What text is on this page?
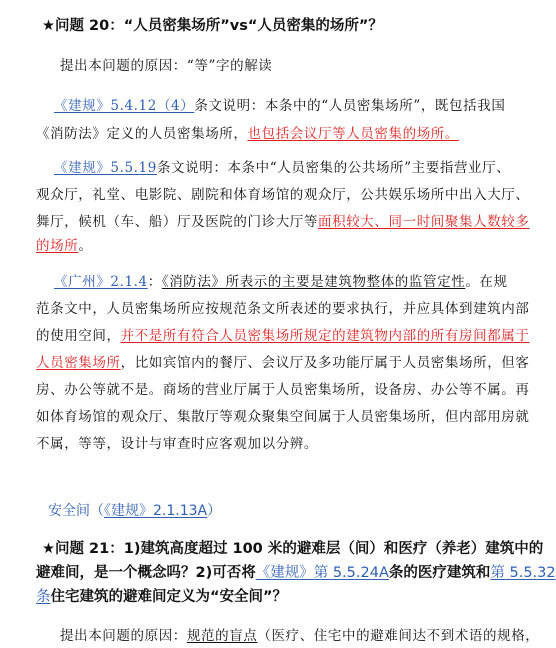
★问题 20：“人员密集场所”vs“人员密集的场所”？
提出本问题的原因：“等”字的解读
《建规》5.4.12（4）条文说明：本条中的“人员密集场所”，既包括我国
《消防法》定义的人员密集场所，也包括会议厅等人员密集的场所。
《建规》5.5.19条文说明：本条中“人员密集的公共场所”主要指营业厅、
观众厅，礼堂、电影院、剧院和体育场馆的观众厅，公共娱乐场所中出入大厅、
舞厅，候机（车、船）厅及医院的门诊大厅等面积较大、同一时间聚集人数较多
的场所。
《广州》2.1.4：《消防法》所表示的主要是建筑物整体的监管定性。在规
范条文中，人员密集场所应按规范条文所表述的要求执行，并应具体到建筑内部
的使用空间，并不是所有符合人员密集场所规定的建筑物内部的所有房间都属于
人员密集场所，比如宾馆内的餐厅、会议厅及多功能厅属于人员密集场所，但客
房、办公等就不是。商场的营业厅属于人员密集场所，设备房、办公等不属。再
如体育场馆的观众厅、集散厅等观众聚集空间属于人员密集场所，但内部用房就
不属，等等，设计与审查时应客观加以分辨。
安全间（《建规》2.1.13A）
★问题 21：1)建筑高度超过 100 米的避难层（间）和医疗（养老）建筑中的
避难间，是一个概念吗？2)可否将《建规》第 5.5.24A条的医疗建筑和第 5.5.32
条住宅建筑的避难间定义为“安全间”？
提出本问题的原因：规范的盲点（医疗、住宅中的避难间达不到术语的规格，
